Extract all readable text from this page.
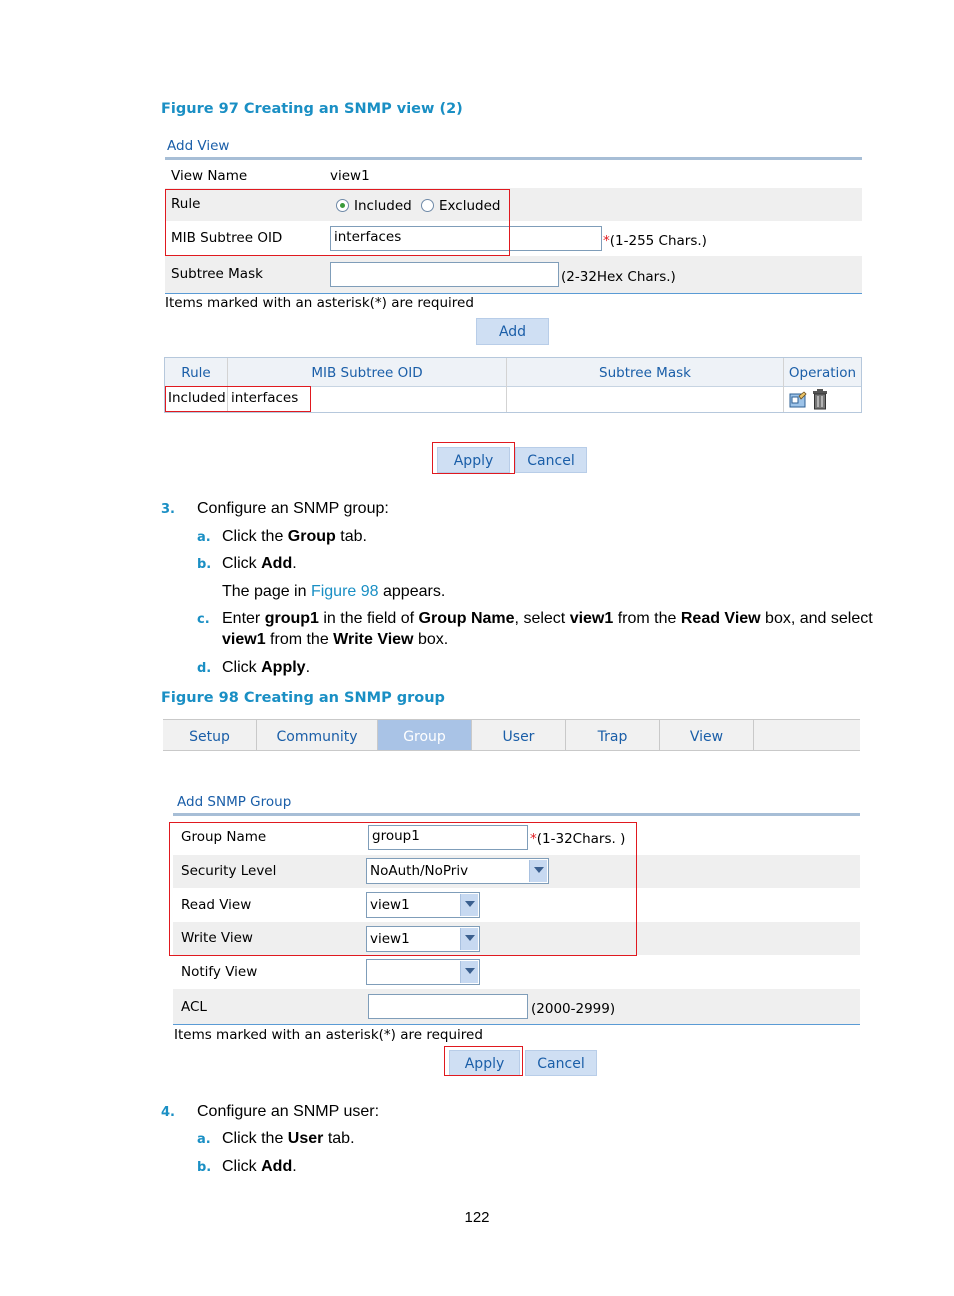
Figure 97 Creating an SNMP view (2)
Add View
View Name	view1
Rule	Included Excluded
MIB Subtree OID	interfaces	*(1-255 Chars.)
Subtree Mask	(2-32Hex Chars.)
Items marked with an asterisk(*) are required
Add
Rule	MIB Subtree OID	Subtree Mask	Operation
Included interfaces
Apply	Cancel
3. Configure an SNMP group:
a. Click the Group tab.
b. Click Add.
The page in Figure 98 appears.
c. Enter group1 in the field of Group Name, select view1 from the Read View box, and select
view1 from the Write View box.
d. Click Apply.
Figure 98 Creating an SNMP group
Setup	Community	Group	User	Trap	View
Add SNMP Group
Group Name	group1	*(1-32Chars. )
Security Level	NoAuth/NoPriv
Read View	view1
Write View	view1
Notify View
ACL	(2000-2999)
Items marked with an asterisk(*) are required
Apply	Cancel
4. Configure an SNMP user:
a. Click the User tab.
b. Click Add.
122
